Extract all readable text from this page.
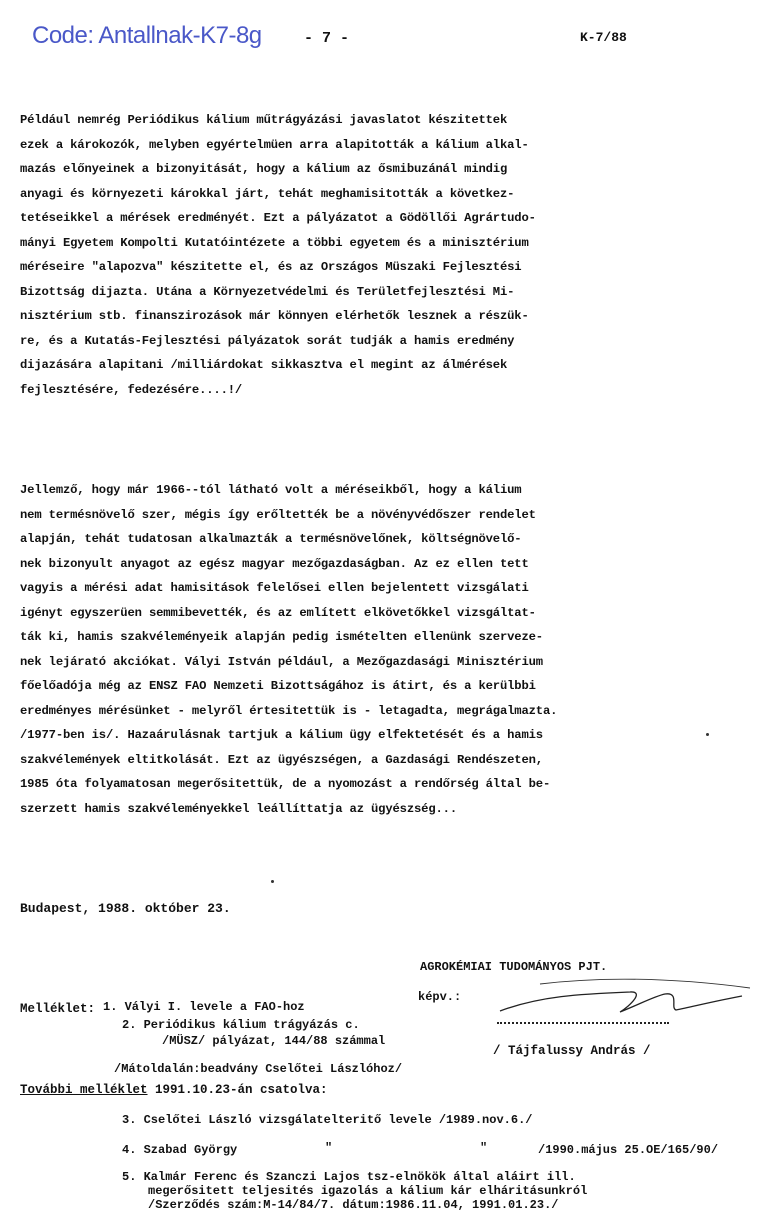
Code: Antallnak-K7-8g	- 7 -	K-7/88
Például nemrég Periódikus kálium műtrágyázási javaslatot készitettek
ezek a károkozók, melyben egyértelmüen arra alapitották a kálium alkal-
mazás előnyeinek a bizonyitását, hogy a kálium az ősmibuzánál mindig
anyagi és környezeti károkkal járt, tehát meghamisitották a következ-
tetéseikkel a mérések eredményét. Ezt a pályázatot a Gödöllői Agrártudo-
mányi Egyetem Kompolti Kutatóintézete a többi egyetem és a minisztérium
méréseire "alapozva" készitette el, és az Országos Müszaki Fejlesztési
Bizottság dijazta. Utána a Környezetvédelmi és Területfejlesztési Mi-
nisztérium stb. finanszirozások már könnyen elérhetők lesznek a részük-
re, és a Kutatás-Fejlesztési pályázatok sorát tudják a hamis eredmény
dijazására alapitani /milliárdokat sikkasztva el megint az álmérések
fejlesztésére, fedezésére....!/
Jellemző, hogy már 1966--tól látható volt a méréseikből, hogy a kálium
nem termésnövelő szer, mégis így erőltették be a növényvédőszer rendelet
alapján, tehát tudatosan alkalmazták a termésnövelőnek, költségnövelő-
nek bizonyult anyagot az egész magyar mezőgazdaságban. Az ez ellen tett
vagyis a mérési adat hamisitások felelősei ellen bejelentett vizsgálati
igényt egyszerüen semmibevették, és az említett elkövetőkkel vizsgáltat-
ták ki, hamis szakvéleményeik alapján pedig ismételten ellenünk szerveze-
nek lejárató akciókat. Vályi István például, a Mezőgazdasági Minisztérium
főelőadója még az ENSZ FAO Nemzeti Bizottságához is átirt, és a kerülbbi
eredményes mérésünket - melyről értesitettük is - letagadta, megrágalmazta.
/1977-ben is/. Hazaárulásnak tartjuk a kálium ügy elfektetését és a hamis
szakvélemények eltitkolását. Ezt az ügyészségen, a Gazdasági Rendészeten,
1985 óta folyamatosan megerősitettük, de a nyomozást a rendőrség által be-
szerzett hamis szakvéleményekkel leállíttatja az ügyészség...
Budapest, 1988. október 23.
AGROKÉMIAI TUDOMÁNYOS PJT.
képv.:
/ Tájfalussy András /
Melléklet: 1. Vályi I. levele a FAO-hoz
2. Periódikus kálium trágyázás c.
/MÜSZ/ pályázat, 144/88 számmal
/Mátoldalán:beadvány Cselőtei Lászlóhoz/
További melléklet 1991.10.23-án csatolva:
3. Cselőtei László vizsgálatelteritő levele /1989.nov.6./
4. Szabad György	"	"	/1990.május 25.OE/165/90/
5. Kalmár Ferenc és Szanczi Lajos tsz-elnökök által aláirt ill.
megerősitett teljesités igazolás a kálium kár elháritásunkról
/Szerződés szám:M-14/84/7. dátum:1986.11.04, 1991.01.23./
